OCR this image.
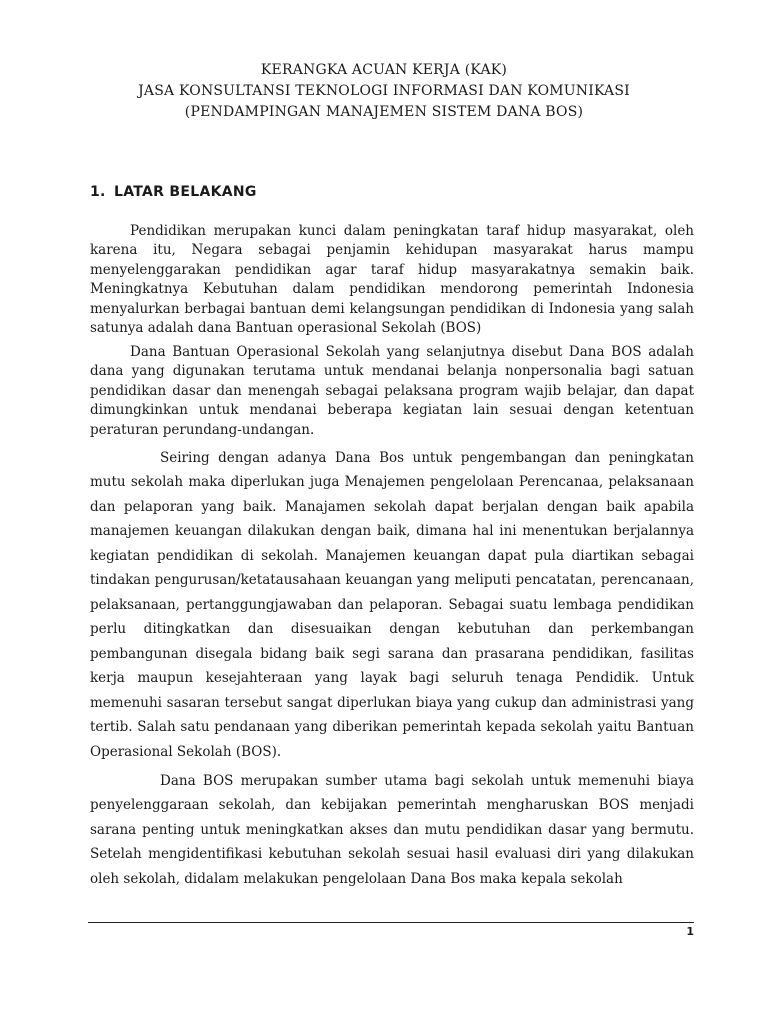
KERANGKA ACUAN KERJA (KAK)
JASA KONSULTANSI TEKNOLOGI INFORMASI DAN KOMUNIKASI
(PENDAMPINGAN MANAJEMEN SISTEM DANA BOS)
1. LATAR BELAKANG

Pendidikan merupakan kunci dalam peningkatan taraf hidup masyarakat, oleh karena itu, Negara sebagai penjamin kehidupan masyarakat harus mampu menyelenggarakan pendidikan agar taraf hidup masyarakatnya semakin baik. Meningkatnya Kebutuhan dalam pendidikan mendorong pemerintah Indonesia menyalurkan berbagai bantuan demi kelangsungan pendidikan di Indonesia yang salah satunya adalah dana Bantuan operasional Sekolah (BOS)

Dana Bantuan Operasional Sekolah yang selanjutnya disebut Dana BOS adalah dana yang digunakan terutama untuk mendanai belanja nonpersonalia bagi satuan pendidikan dasar dan menengah sebagai pelaksana program wajib belajar, dan dapat dimungkinkan untuk mendanai beberapa kegiatan lain sesuai dengan ketentuan peraturan perundang-undangan.

Seiring dengan adanya Dana Bos untuk pengembangan dan peningkatan mutu sekolah maka diperlukan juga Menajemen pengelolaan Perencanaa, pelaksanaan dan pelaporan yang baik. Manajamen sekolah dapat berjalan dengan baik apabila manajemen keuangan dilakukan dengan baik, dimana hal ini menentukan berjalannya kegiatan pendidikan di sekolah. Manajemen keuangan dapat pula diartikan sebagai tindakan pengurusan/ketatausahaan keuangan yang meliputi pencatatan, perencanaan, pelaksanaan, pertanggungjawaban dan pelaporan. Sebagai suatu lembaga pendidikan perlu ditingkatkan dan disesuaikan dengan kebutuhan dan perkembangan pembangunan disegala bidang baik segi sarana dan prasarana pendidikan, fasilitas kerja maupun kesejahteraan yang layak bagi seluruh tenaga Pendidik. Untuk memenuhi sasaran tersebut sangat diperlukan biaya yang cukup dan administrasi yang tertib. Salah satu pendanaan yang diberikan pemerintah kepada sekolah yaitu Bantuan Operasional Sekolah (BOS).

Dana BOS merupakan sumber utama bagi sekolah untuk memenuhi biaya penyelenggaraan sekolah, dan kebijakan pemerintah mengharuskan BOS menjadi sarana penting untuk meningkatkan akses dan mutu pendidikan dasar yang bermutu. Setelah mengidentifikasi kebutuhan sekolah sesuai hasil evaluasi diri yang dilakukan oleh sekolah, didalam melakukan pengelolaan Dana Bos maka kepala sekolah

1
